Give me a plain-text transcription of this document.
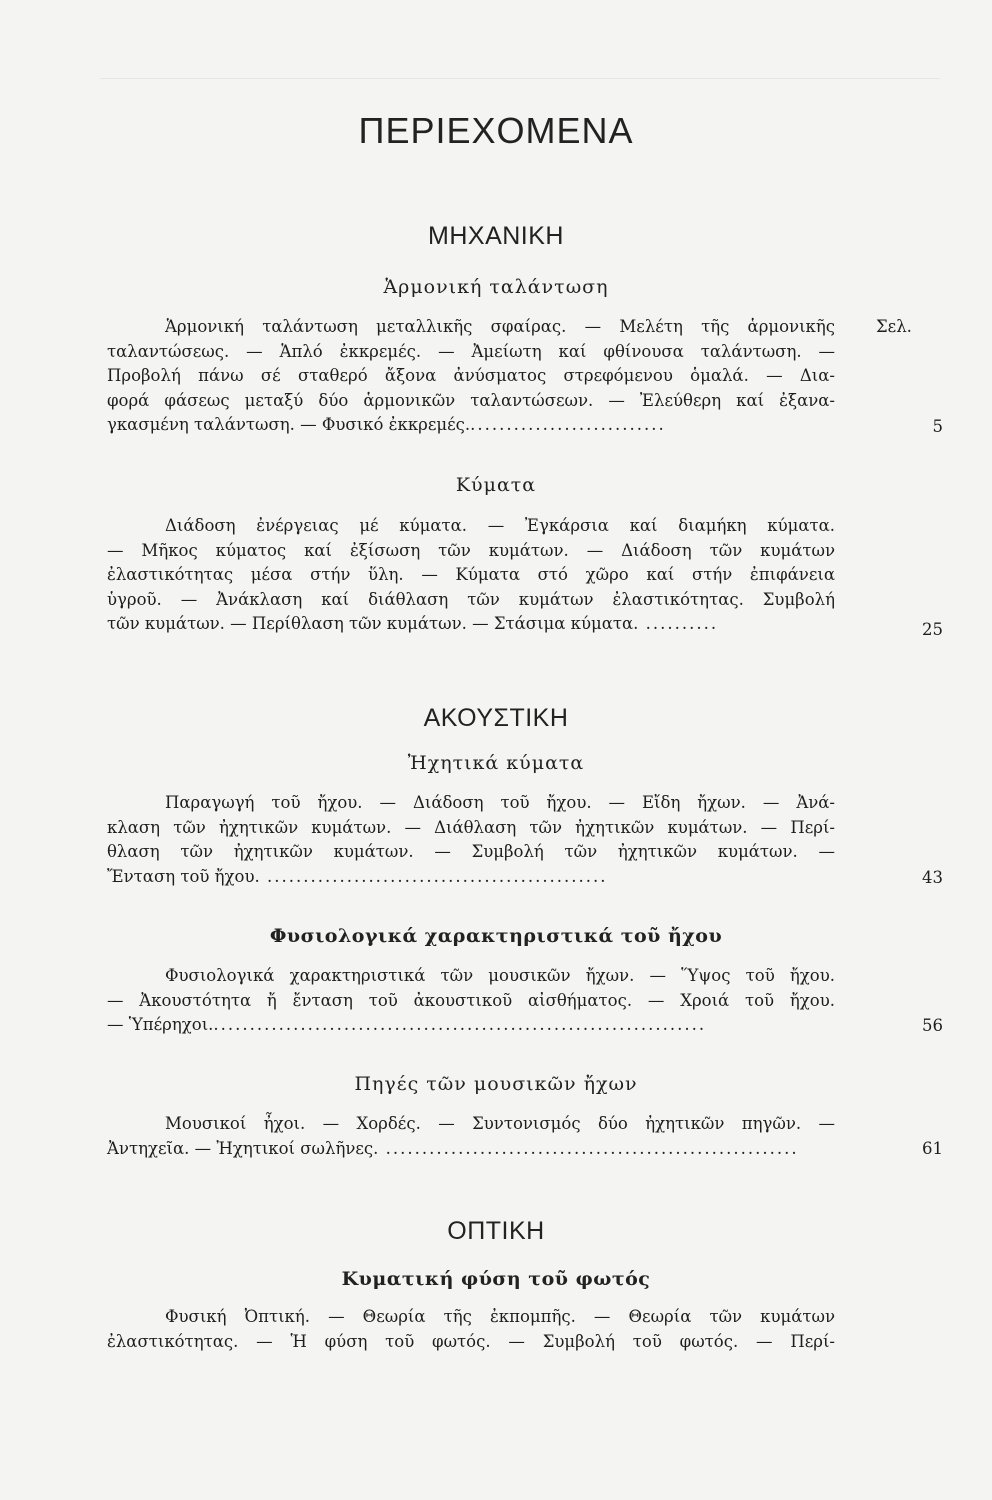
ΠΕΡΙΕΧΟΜΕΝΑ
ΜΗΧΑΝΙΚΗ
Ἁρμονική ταλάντωση
Σελ.
Ἁρμονική ταλάντωση μεταλλικῆς σφαίρας. — Μελέτη τῆς ἁρμονικῆς
ταλαντώσεως. — Ἁπλό ἐκκρεμές. — Ἀμείωτη καί φθίνουσα ταλάντωση. —
Προβολή πάνω σέ σταθερό ἄξονα ἀνύσματος στρεφόμενου ὁμαλά. — Δια-
φορά φάσεως μεταξύ δύο ἁρμονικῶν ταλαντώσεων. — Ἐλεύθερη καί ἐξανα-
γκασμένη ταλάντωση. — Φυσικό ἐκκρεμές............................	5
Κύματα
Διάδοση ἐνέργειας μέ κύματα. — Ἐγκάρσια καί διαμήκη κύματα.
— Μῆκος κύματος καί ἐξίσωση τῶν κυμάτων. — Διάδοση τῶν κυμάτων
ἐλαστικότητας μέσα στήν ὕλη. — Κύματα στό χῶρο καί στήν ἐπιφάνεια
ὑγροῦ. — Ἀνάκλαση καί διάθλαση τῶν κυμάτων ἐλαστικότητας. Συμβολή
τῶν κυμάτων. — Περίθλαση τῶν κυμάτων. — Στάσιμα κύματα. ..........	25
ΑΚΟΥΣΤΙΚΗ
Ἠχητικά κύματα
Παραγωγή τοῦ ἤχου. — Διάδοση τοῦ ἤχου. — Εἴδη ἤχων. — Ἀνά-
κλαση τῶν ἠχητικῶν κυμάτων. — Διάθλαση τῶν ἠχητικῶν κυμάτων. — Περί-
θλαση τῶν ἠχητικῶν κυμάτων. — Συμβολή τῶν ἠχητικῶν κυμάτων. —
Ἔνταση τοῦ ἤχου. ...............................................	43
Φυσιολογικά χαρακτηριστικά τοῦ ἤχου
Φυσιολογικά χαρακτηριστικά τῶν μουσικῶν ἤχων. — Ὕψος τοῦ ἤχου.
— Ἀκουστότητα ἤ ἔνταση τοῦ ἀκουστικοῦ αἰσθήματος. — Χροιά τοῦ ἤχου.
— Ὑπέρηχοι.....................................................................	56
Πηγές τῶν μουσικῶν ἤχων
Μουσικοί ἦχοι. — Χορδές. — Συντονισμός δύο ἠχητικῶν πηγῶν. —
Ἀντηχεῖα. — Ἠχητικοί σωλῆνες. .........................................................	61
ΟΠΤΙΚΗ
Κυματική φύση τοῦ φωτός
Φυσική Ὀπτική. — Θεωρία τῆς ἐκπομπῆς. — Θεωρία τῶν κυμάτων
ἐλαστικότητας. — Ἡ φύση τοῦ φωτός. — Συμβολή τοῦ φωτός. — Περί-
